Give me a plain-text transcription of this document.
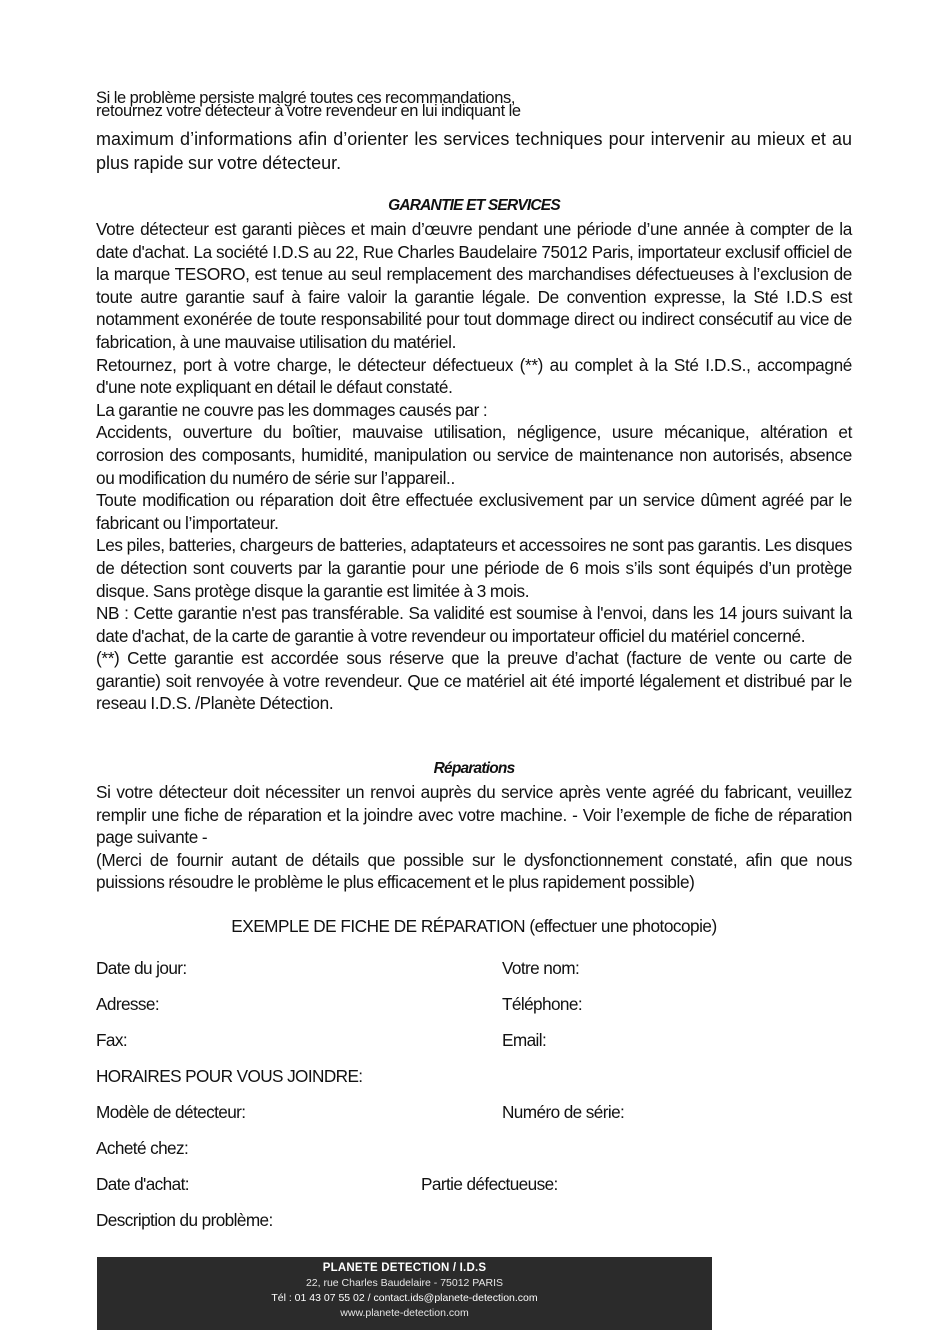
Si le problème persiste malgré toutes ces recommandations,

retournez votre détecteur à votre revendeur en lui indiquant le

maximum d’informations afin d’orienter les services techniques pour intervenir au mieux et au plus rapide sur votre détecteur.

GARANTIE ET SERVICES

Votre détecteur est garanti pièces et main d’œuvre pendant une période d’une année à compter de la date d'achat. La société I.D.S au 22, Rue Charles Baudelaire 75012 Paris, importateur exclusif officiel de la marque TESORO, est tenue au seul remplacement des marchandises défectueuses à l’exclusion de toute autre garantie sauf à faire valoir la garantie légale. De convention expresse, la Sté I.D.S est notamment exonérée de toute responsabilité pour tout dommage direct ou indirect consécutif au vice de fabrication, à une mauvaise utilisation du matériel.

Retournez, port à votre charge, le détecteur défectueux (**) au complet à la Sté I.D.S., accompagné d'une note expliquant en détail le défaut constaté.

La garantie ne couvre pas les dommages causés par :

Accidents, ouverture du boîtier, mauvaise utilisation, négligence, usure mécanique, altération et corrosion des composants, humidité, manipulation ou service de maintenance non autorisés, absence ou modification du numéro de série sur l’appareil..

Toute modification ou réparation doit être effectuée exclusivement par un service dûment agréé par le fabricant ou l’importateur.

Les piles, batteries, chargeurs de batteries, adaptateurs et accessoires ne sont pas garantis. Les disques de détection sont couverts par la garantie pour une période de 6 mois s’ils sont équipés d’un protège disque. Sans protège disque la garantie est limitée à 3 mois.

NB : Cette garantie n'est pas transférable. Sa validité est soumise à l'envoi, dans les 14 jours suivant la date d'achat, de la carte de garantie à votre revendeur ou importateur officiel du matériel concerné.

(**) Cette garantie est accordée sous réserve que la preuve d’achat (facture de vente ou carte de garantie) soit renvoyée à votre revendeur. Que ce matériel ait été importé légalement et distribué par le reseau I.D.S. /Planète Détection.

Réparations

Si votre détecteur doit nécessiter un renvoi auprès du service après vente agréé du fabricant, veuillez remplir une fiche de réparation et la joindre avec votre machine. - Voir l’exemple de fiche de réparation page suivante -

(Merci de fournir autant de détails que possible sur le dysfonctionnement constaté, afin que nous puissions résoudre le problème le plus efficacement et le plus rapidement possible)

EXEMPLE DE FICHE DE RÉPARATION (effectuer une photocopie)

Date du jour:	Votre nom:

Adresse:	Téléphone:

Fax:	Email:

HORAIRES POUR VOUS JOINDRE:

Modèle de détecteur:	Numéro de série:

Acheté chez:

Date d'achat:	Partie défectueuse:

Description du problème:

PLANETE DETECTION / I.D.S
22, rue Charles Baudelaire - 75012 PARIS
Tél : 01 43 07 55 02 / contact.ids@planete-detection.com
www.planete-detection.com
